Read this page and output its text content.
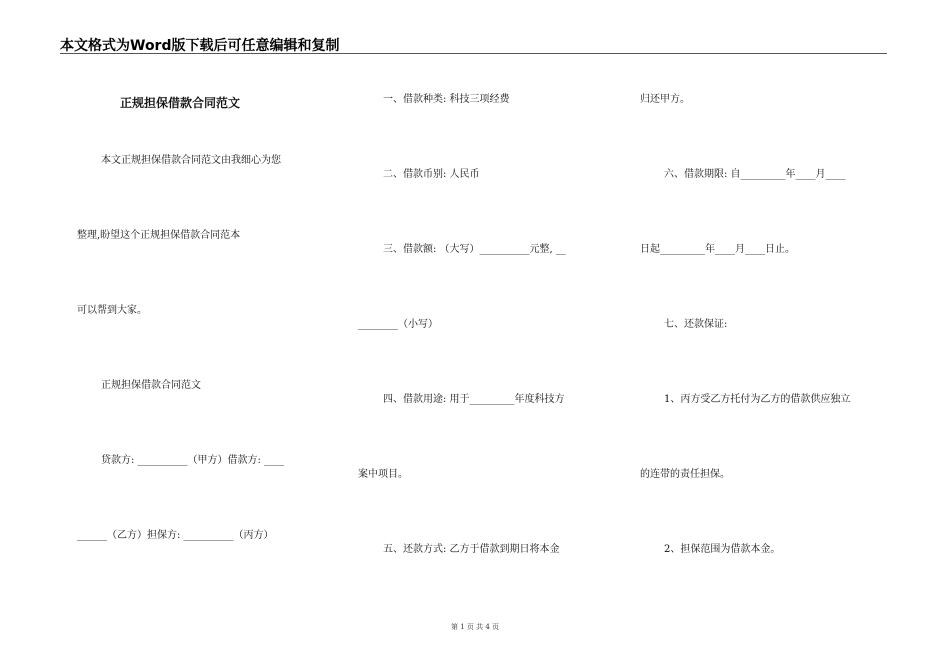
本文格式为Word版下载后可任意编辑和复制
正规担保借款合同范文
本文正规担保借款合同范文由我细心为您
整理,盼望这个正规担保借款合同范本
可以帮到大家。
正规担保借款合同范文
贷款方: __________（甲方）借款方: ____
______（乙方）担保方: __________（丙方）
一、借款种类: 科技三项经费
二、借款币别: 人民币
三、借款额: （大写）__________元整, __
________（小写）
四、借款用途: 用于_________年度科技方
案中项目。
五、还款方式: 乙方于借款到期日将本金
归还甲方。
六、借款期限: 自_________年____月____
日起_________年____月____日止。
七、还款保证:
1、丙方受乙方托付为乙方的借款供应独立
的连带的责任担保。
2、担保范围为借款本金。
第 1 页 共 4 页
